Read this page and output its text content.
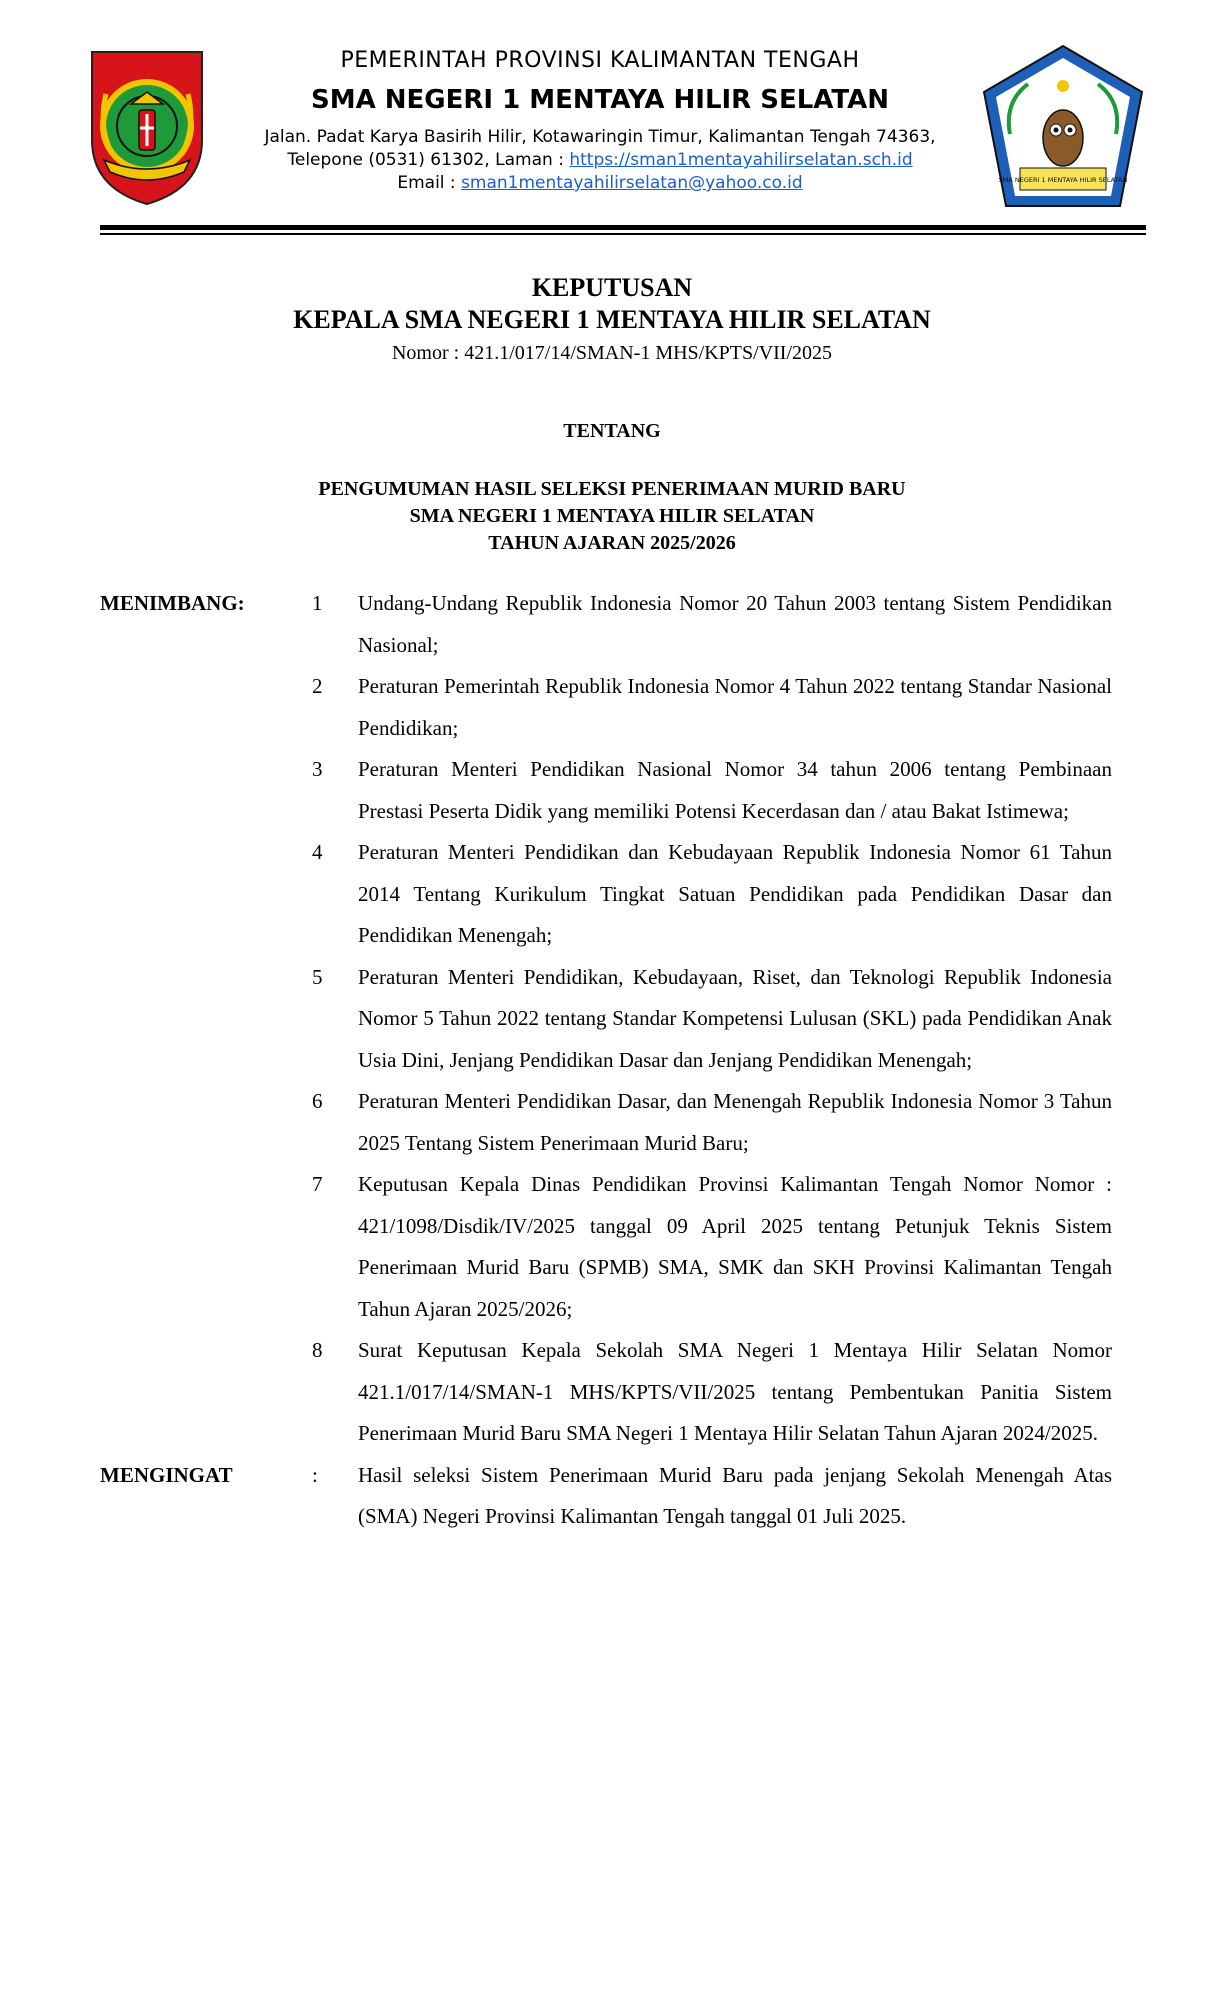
PEMERINTAH PROVINSI KALIMANTAN TENGAH
SMA NEGERI 1 MENTAYA HILIR SELATAN
Jalan. Padat Karya Basirih Hilir, Kotawaringin Timur, Kalimantan Tengah 74363,
Telepone (0531) 61302, Laman : https://sman1mentayahilirselatan.sch.id
Email : sman1mentayahilirselatan@yahoo.co.id	SMA NEGERI 1 MENTAYA HILIR SELATAN
KEPUTUSAN
KEPALA SMA NEGERI 1 MENTAYA HILIR SELATAN
Nomor : 421.1/017/14/SMAN-1 MHS/KPTS/VII/2025
TENTANG
PENGUMUMAN HASIL SELEKSI PENERIMAAN MURID BARU
SMA NEGERI 1 MENTAYA HILIR SELATAN
TAHUN AJARAN 2025/2026
MENIMBANG:	1	Undang-Undang Republik Indonesia Nomor 20 Tahun 2003 tentang Sistem Pendidikan Nasional;
2	Peraturan Pemerintah Republik Indonesia Nomor 4 Tahun 2022 tentang Standar Nasional Pendidikan;
3	Peraturan Menteri Pendidikan Nasional Nomor 34 tahun 2006 tentang Pembinaan Prestasi Peserta Didik yang memiliki Potensi Kecerdasan dan / atau Bakat Istimewa;
4	Peraturan Menteri Pendidikan dan Kebudayaan Republik Indonesia Nomor 61 Tahun 2014 Tentang Kurikulum Tingkat Satuan Pendidikan pada Pendidikan Dasar dan Pendidikan Menengah;
5	Peraturan Menteri Pendidikan, Kebudayaan, Riset, dan Teknologi Republik Indonesia Nomor 5 Tahun 2022 tentang Standar Kompetensi Lulusan (SKL) pada Pendidikan Anak Usia Dini, Jenjang Pendidikan Dasar dan Jenjang Pendidikan Menengah;
6	Peraturan Menteri Pendidikan Dasar, dan Menengah Republik Indonesia Nomor 3 Tahun 2025 Tentang Sistem Penerimaan Murid Baru;
7	Keputusan Kepala Dinas Pendidikan Provinsi Kalimantan Tengah Nomor Nomor : 421/1098/Disdik/IV/2025 tanggal 09 April 2025 tentang Petunjuk Teknis Sistem Penerimaan Murid Baru (SPMB) SMA, SMK dan SKH Provinsi Kalimantan Tengah Tahun Ajaran 2025/2026;
8	Surat Keputusan Kepala Sekolah SMA Negeri 1 Mentaya Hilir Selatan Nomor 421.1/017/14/SMAN-1 MHS/KPTS/VII/2025 tentang Pembentukan Panitia Sistem Penerimaan Murid Baru SMA Negeri 1 Mentaya Hilir Selatan Tahun Ajaran 2024/2025.
MENGINGAT	: Hasil seleksi Sistem Penerimaan Murid Baru pada jenjang Sekolah Menengah Atas (SMA) Negeri Provinsi Kalimantan Tengah tanggal 01 Juli 2025.
